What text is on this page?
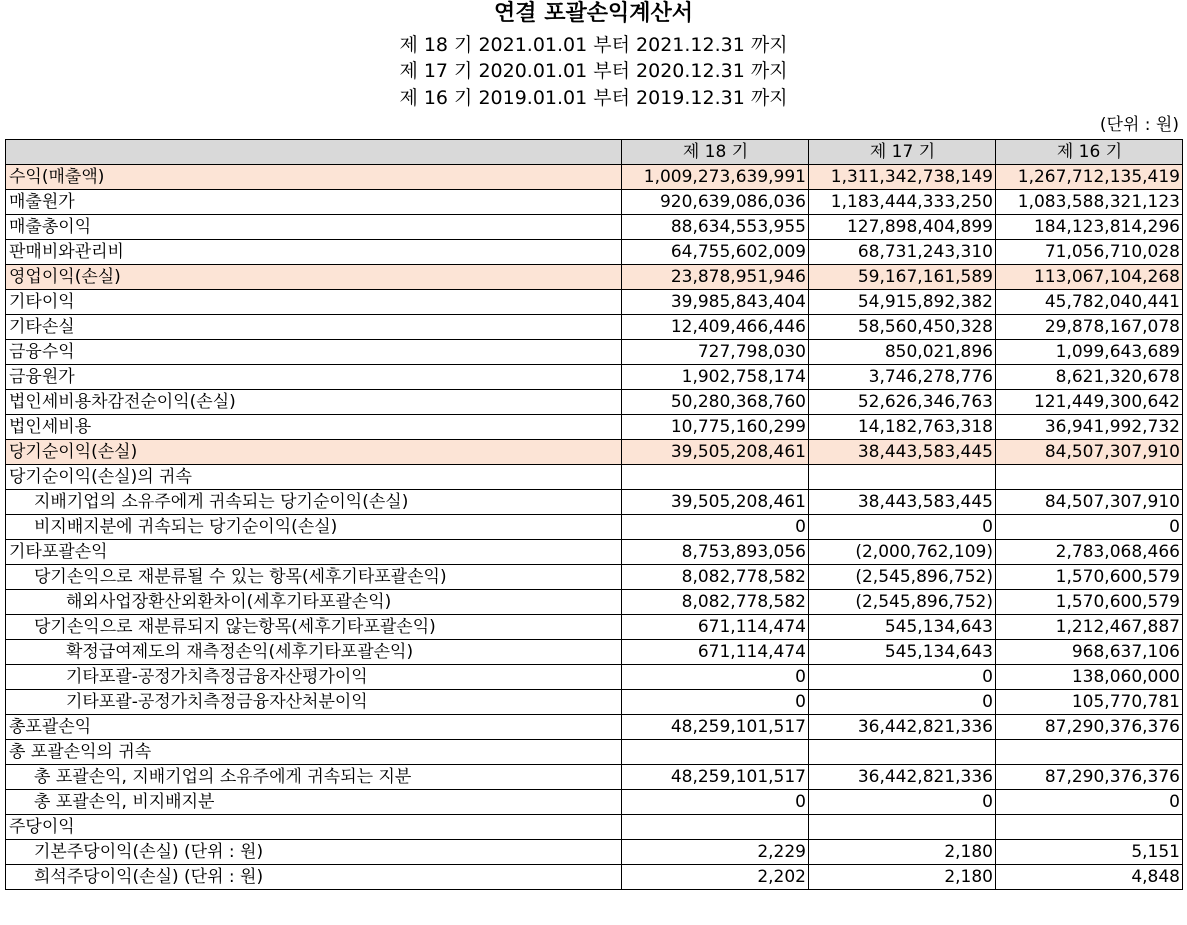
연결 포괄손익계산서
제 18 기 2021.01.01 부터 2021.12.31 까지
제 17 기 2020.01.01 부터 2020.12.31 까지
제 16 기 2019.01.01 부터 2019.12.31 까지
(단위 : 원)
	제 18 기	제 17 기	제 16 기
수익(매출액)	1,009,273,639,991	1,311,342,738,149	1,267,712,135,419
매출원가	920,639,086,036	1,183,444,333,250	1,083,588,321,123
매출총이익	88,634,553,955	127,898,404,899	184,123,814,296
판매비와관리비	64,755,602,009	68,731,243,310	71,056,710,028
영업이익(손실)	23,878,951,946	59,167,161,589	113,067,104,268
기타이익	39,985,843,404	54,915,892,382	45,782,040,441
기타손실	12,409,466,446	58,560,450,328	29,878,167,078
금융수익	727,798,030	850,021,896	1,099,643,689
금융원가	1,902,758,174	3,746,278,776	8,621,320,678
법인세비용차감전순이익(손실)	50,280,368,760	52,626,346,763	121,449,300,642
법인세비용	10,775,160,299	14,182,763,318	36,941,992,732
당기순이익(손실)	39,505,208,461	38,443,583,445	84,507,307,910
당기순이익(손실)의 귀속			
지배기업의 소유주에게 귀속되는 당기순이익(손실)	39,505,208,461	38,443,583,445	84,507,307,910
비지배지분에 귀속되는 당기순이익(손실)	0	0	0
기타포괄손익	8,753,893,056	(2,000,762,109)	2,783,068,466
당기손익으로 재분류될 수 있는 항목(세후기타포괄손익)	8,082,778,582	(2,545,896,752)	1,570,600,579
해외사업장환산외환차이(세후기타포괄손익)	8,082,778,582	(2,545,896,752)	1,570,600,579
당기손익으로 재분류되지 않는항목(세후기타포괄손익)	671,114,474	545,134,643	1,212,467,887
확정급여제도의 재측정손익(세후기타포괄손익)	671,114,474	545,134,643	968,637,106
기타포괄-공정가치측정금융자산평가이익	0	0	138,060,000
기타포괄-공정가치측정금융자산처분이익	0	0	105,770,781
총포괄손익	48,259,101,517	36,442,821,336	87,290,376,376
총 포괄손익의 귀속			
총 포괄손익, 지배기업의 소유주에게 귀속되는 지분	48,259,101,517	36,442,821,336	87,290,376,376
총 포괄손익, 비지배지분	0	0	0
주당이익			
기본주당이익(손실) (단위 : 원)	2,229	2,180	5,151
희석주당이익(손실) (단위 : 원)	2,202	2,180	4,848
